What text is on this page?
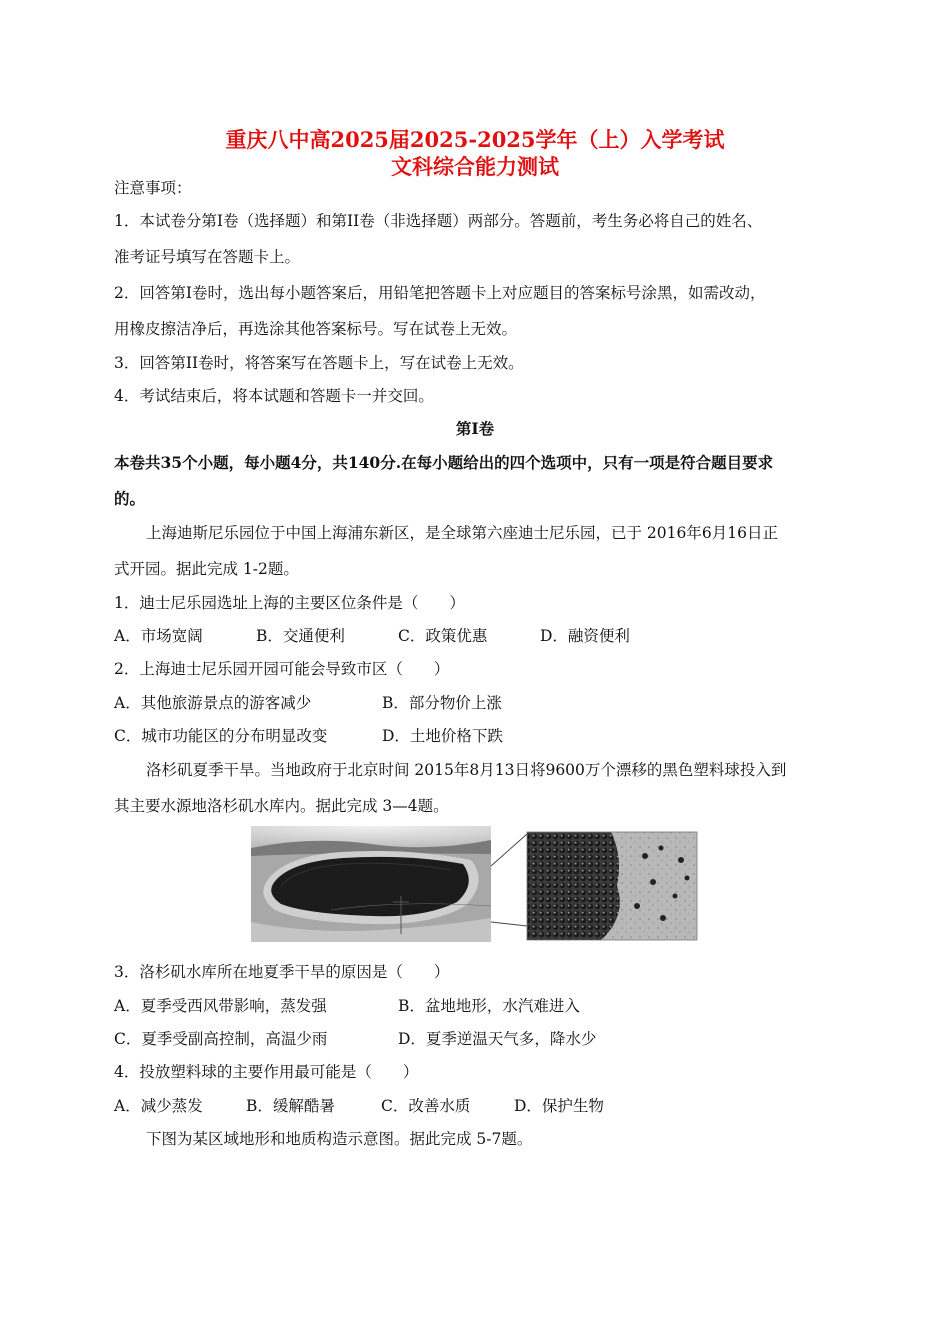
重庆八中高2025届2025-2025学年（上）入学考试
文科综合能力测试
注意事项：
1．本试卷分第Ⅰ卷（选择题）和第II卷（非选择题）两部分。答题前，考生务必将自己的姓名、
准考证号填写在答题卡上。
2．回答第Ⅰ卷时，选出每小题答案后，用铅笔把答题卡上对应题目的答案标号涂黑，如需改动，
用橡皮擦洁净后，再选涂其他答案标号。写在试卷上无效。
3．回答第II卷时，将答案写在答题卡上，写在试卷上无效。
4．考试结束后，将本试题和答题卡一并交回。
第Ⅰ卷
本卷共35个小题，每小题4分，共140分.在每小题给出的四个选项中，只有一项是符合题目要求
的。
上海迪斯尼乐园位于中国上海浦东新区，是全球第六座迪士尼乐园，已于 2016年6月16日正
式开园。据此完成 1-2题。
1．迪士尼乐园选址上海的主要区位条件是（　　）
A．市场宽阔	B．交通便利	C．政策优惠	D．融资便利
2．上海迪士尼乐园开园可能会导致市区（　　）
A．其他旅游景点的游客减少	B．部分物价上涨
C．城市功能区的分布明显改变	D．土地价格下跌
洛杉矶夏季干旱。当地政府于北京时间 2015年8月13日将9600万个漂移的黑色塑料球投入到
其主要水源地洛杉矶水库内。据此完成 3—4题。
3．洛杉矶水库所在地夏季干旱的原因是（　　）
A．夏季受西风带影响，蒸发强	B．盆地地形，水汽难进入
C．夏季受副高控制，高温少雨	D．夏季逆温天气多，降水少
4．投放塑料球的主要作用最可能是（　　）
A．减少蒸发	B．缓解酷暑	C．改善水质	D．保护生物
下图为某区域地形和地质构造示意图。据此完成 5-7题。
